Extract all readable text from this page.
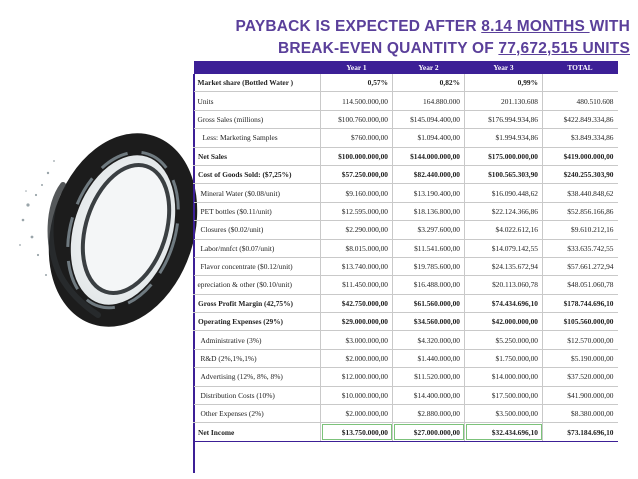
PAYBACK IS EXPECTED AFTER 8.14 MONTHS WITH
BREAK-EVEN QUANTITY OF 77,672,515 UNITS
	Year 1	Year 2	Year 3	TOTAL
Market share (Bottled Water )	0,57%	0,82%	0,99%	
Units	114.500.000,00	164.880.000	201.130.608	480.510.608
Gross Sales (millions)	$100.760.000,00	$145.094.400,00	$176.994.934,86	$422.849.334,86
Less: Marketing Samples	$760.000,00	$1.094.400,00	$1.994.934,86	$3.849.334,86
Net Sales	$100.000.000,00	$144.000.000,00	$175.000.000,00	$419.000.000,00
Cost of Goods Sold: ($7,25%)	$57.250.000,00	$82.440.000,00	$100.565.303,90	$240.255.303,90
Mineral Water ($0.08/unit)	$9.160.000,00	$13.190.400,00	$16.090.448,62	$38.440.848,62
PET bottles ($0.11/unit)	$12.595.000,00	$18.136.800,00	$22.124.366,86	$52.856.166,86
Closures ($0.02/unit)	$2.290.000,00	$3.297.600,00	$4.022.612,16	$9.610.212,16
Labor/mnfct ($0.07/unit)	$8.015.000,00	$11.541.600,00	$14.079.142,55	$33.635.742,55
Flavor concentrate ($0.12/unit)	$13.740.000,00	$19.785.600,00	$24.135.672,94	$57.661.272,94
epreciation & other ($0.10/unit)	$11.450.000,00	$16.488.000,00	$20.113.060,78	$48.051.060,78
Gross Profit Margin (42,75%)	$42.750.000,00	$61.560.000,00	$74.434.696,10	$178.744.696,10
Operating Expenses (29%)	$29.000.000,00	$34.560.000,00	$42.000.000,00	$105.560.000,00
Administrative (3%)	$3.000.000,00	$4.320.000,00	$5.250.000,00	$12.570.000,00
R&D (2%,1%,1%)	$2.000.000,00	$1.440.000,00	$1.750.000,00	$5.190.000,00
Advertising (12%, 8%, 8%)	$12.000.000,00	$11.520.000,00	$14.000.000,00	$37.520.000,00
Distribution Costs (10%)	$10.000.000,00	$14.400.000,00	$17.500.000,00	$41.900.000,00
Other Expenses (2%)	$2.000.000,00	$2.880.000,00	$3.500.000,00	$8.380.000,00
Net Income	$13.750.000,00	$27.000.000,00	$32.434.696,10	$73.184.696,10
